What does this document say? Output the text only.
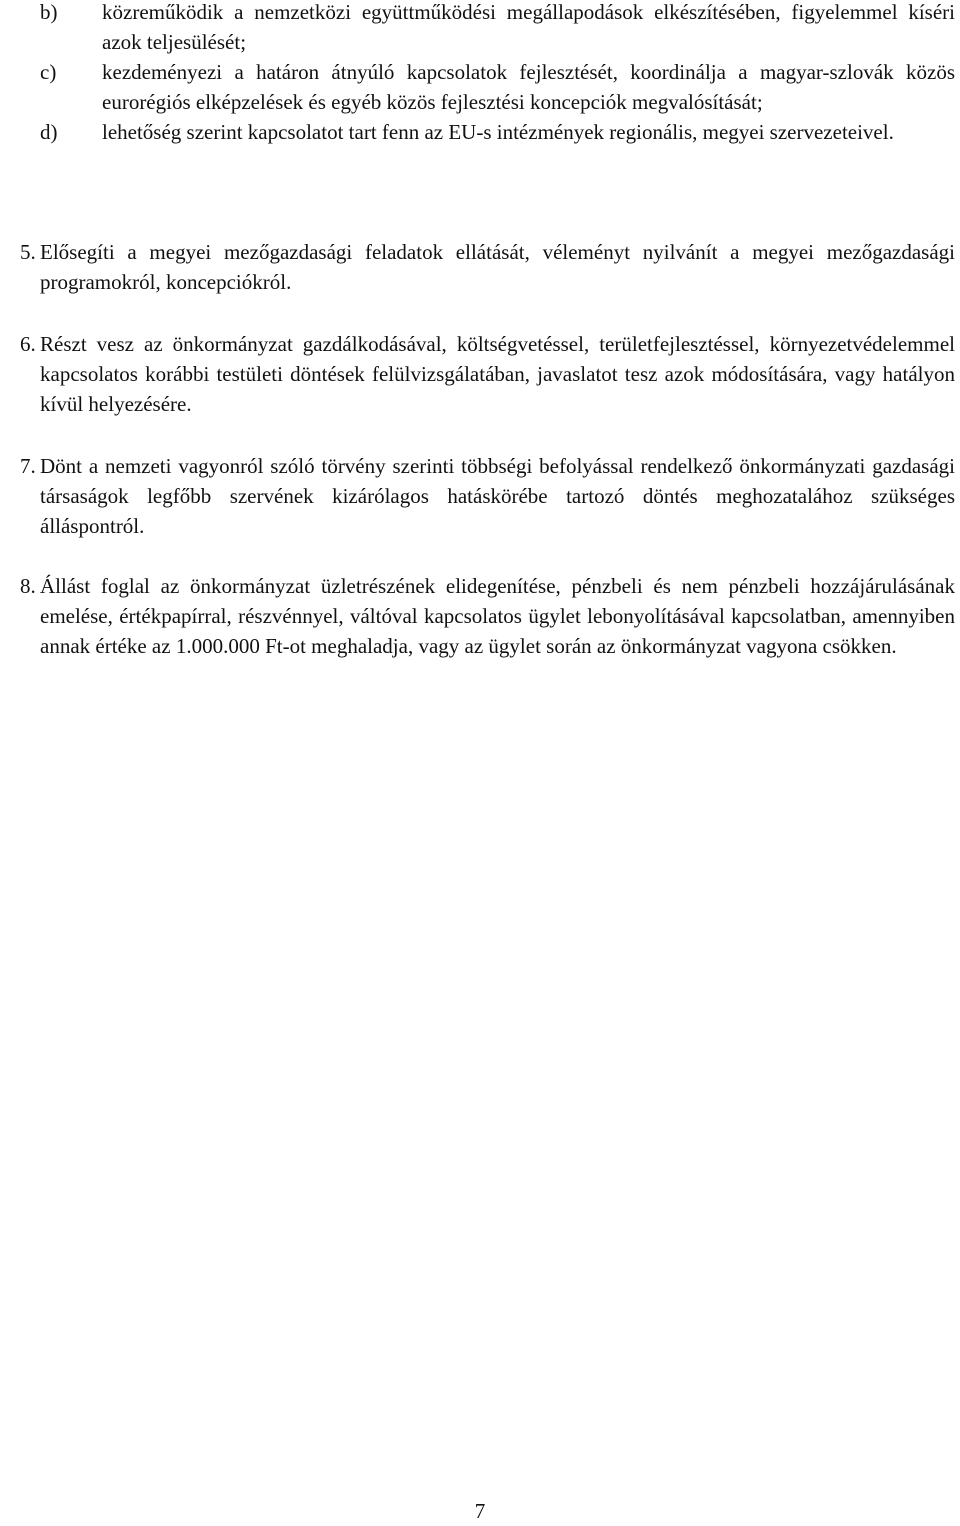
b)	közreműködik a nemzetközi együttműködési megállapodások elkészítésében, figyelemmel kíséri azok teljesülését;
c)	kezdeményezi a határon átnyúló kapcsolatok fejlesztését, koordinálja a magyar-szlovák közös eurorégiós elképzelések és egyéb közös fejlesztési koncepciók megvalósítását;
d)	lehetőség szerint kapcsolatot tart fenn az EU-s intézmények regionális, megyei szervezeteivel.
5. Elősegíti a megyei mezőgazdasági feladatok ellátását, véleményt nyilvánít a megyei mezőgazdasági programokról, koncepciókról.
6. Részt vesz az önkormányzat gazdálkodásával, költségvetéssel, területfejlesztéssel, környezetvédelemmel kapcsolatos korábbi testületi döntések felülvizsgálatában, javaslatot tesz azok módosítására, vagy hatályon kívül helyezésére.
7. Dönt a nemzeti vagyonról szóló törvény szerinti többségi befolyással rendelkező önkormányzati gazdasági társaságok legfőbb szervének kizárólagos hatáskörébe tartozó döntés meghozatalához szükséges álláspontról.
8. Állást foglal az önkormányzat üzletrészének elidegenítése, pénzbeli és nem pénzbeli hozzájárulásának emelése, értékpapírral, részvénnyel, váltóval kapcsolatos ügylet lebonyolításával kapcsolatban, amennyiben annak értéke az 1.000.000 Ft-ot meghaladja, vagy az ügylet során az önkormányzat vagyona csökken.
7
